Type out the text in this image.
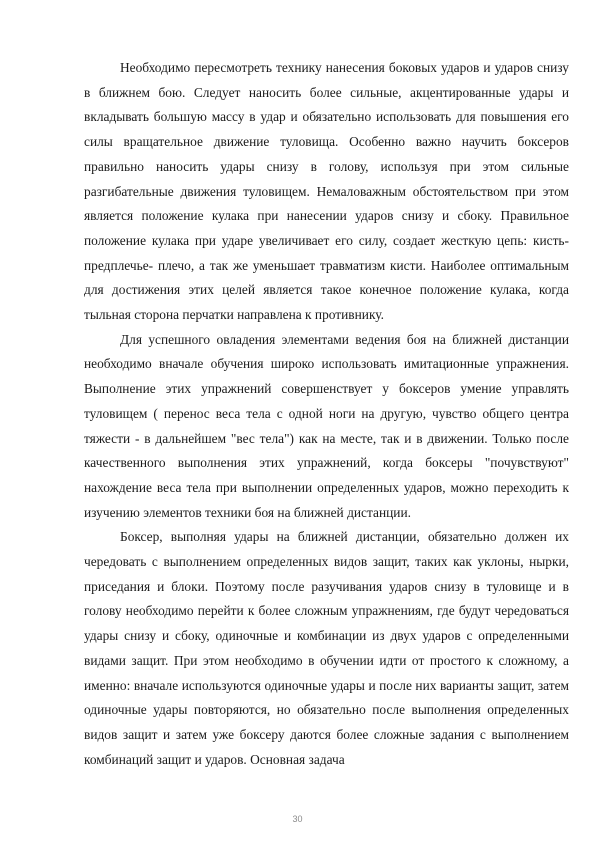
Необходимо пересмотреть технику нанесения боковых ударов и ударов снизу в ближнем бою. Следует наносить более сильные, акцентированные удары и вкладывать большую массу в удар и обязательно использовать для повышения его силы вращательное движение туловища. Особенно важно научить боксеров правильно наносить удары снизу в голову, используя при этом сильные разгибательные движения туловищем. Немаловажным обстоятельством при этом является положение кулака при нанесении ударов снизу и сбоку. Правильное положение кулака при ударе увеличивает его силу, создает жесткую цепь: кисть-предплечье- плечо, а так же уменьшает травматизм кисти. Наиболее оптимальным для достижения этих целей является такое конечное положение кулака, когда тыльная сторона перчатки направлена к противнику.

Для успешного овладения элементами ведения боя на ближней дистанции необходимо вначале обучения широко использовать имитационные упражнения. Выполнение этих упражнений совершенствует у боксеров умение управлять туловищем ( перенос веса тела с одной ноги на другую, чувство общего центра тяжести - в дальнейшем "вес тела") как на месте, так и в движении. Только после качественного выполнения этих упражнений, когда боксеры "почувствуют" нахождение веса тела при выполнении определенных ударов, можно переходить к изучению элементов техники боя на ближней дистанции.

Боксер, выполняя удары на ближней дистанции, обязательно должен их чередовать с выполнением определенных видов защит, таких как уклоны, нырки, приседания и блоки. Поэтому после разучивания ударов снизу в туловище и в голову необходимо перейти к более сложным упражнениям, где будут чередоваться удары снизу и сбоку, одиночные и комбинации из двух ударов с определенными видами защит. При этом необходимо в обучении идти от простого к сложному, а именно: вначале используются одиночные удары и после них варианты защит, затем одиночные удары повторяются, но обязательно после выполнения определенных видов защит и затем уже боксеру даются более сложные задания с выполнением комбинаций защит и ударов. Основная задача

30
